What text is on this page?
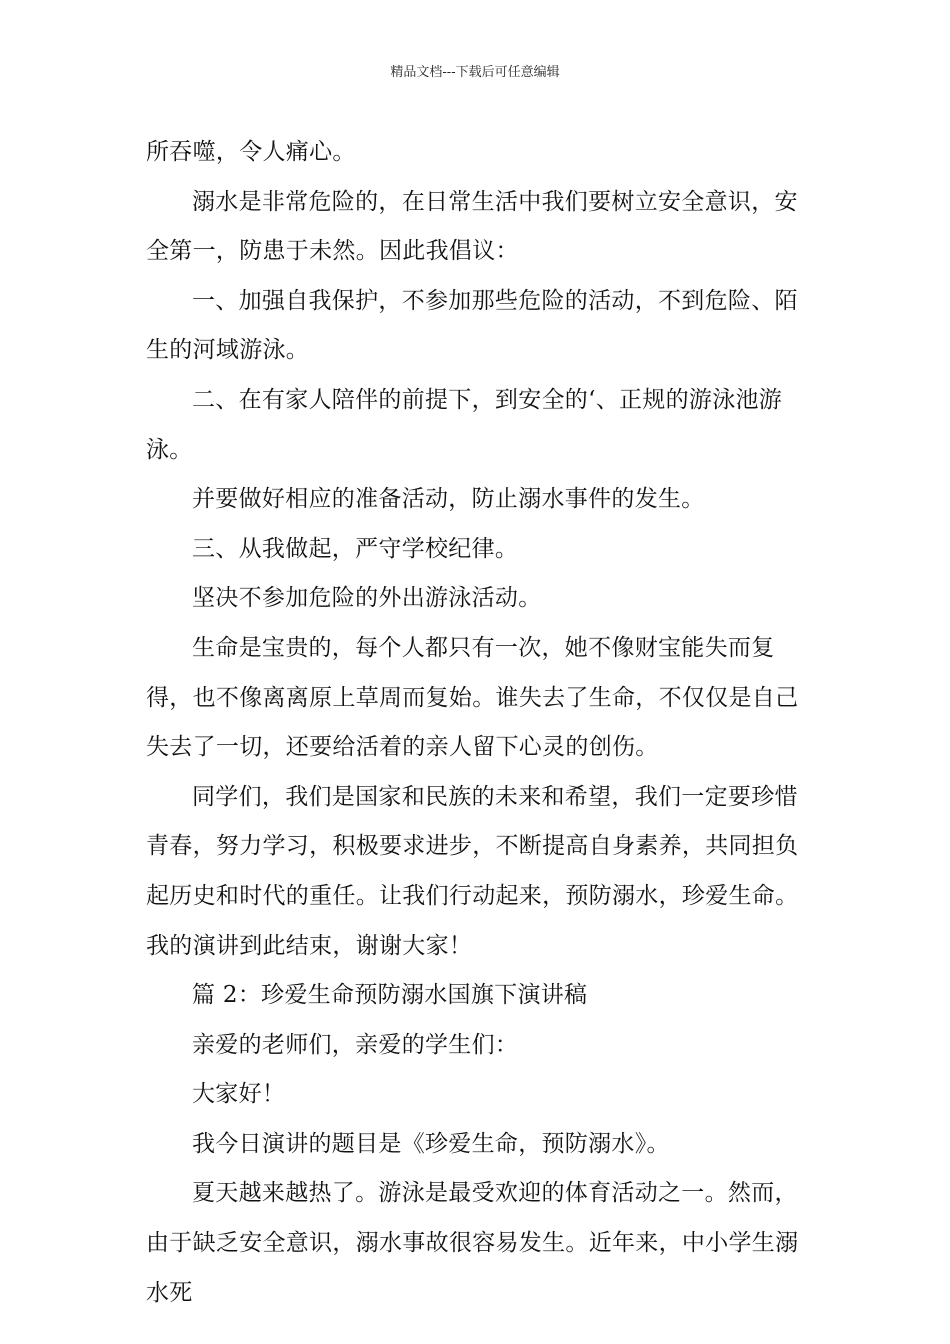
精品文档---下载后可任意编辑

所吞噬，令人痛心。

溺水是非常危险的，在日常生活中我们要树立安全意识，安全第一，防患于未然。因此我倡议：

一、加强自我保护，不参加那些危险的活动，不到危险、陌生的河域游泳。

二、在有家人陪伴的前提下，到安全的‘、正规的游泳池游泳。

并要做好相应的准备活动，防止溺水事件的发生。

三、从我做起，严守学校纪律。

坚决不参加危险的外出游泳活动。

生命是宝贵的，每个人都只有一次，她不像财宝能失而复得，也不像离离原上草周而复始。谁失去了生命，不仅仅是自己失去了一切，还要给活着的亲人留下心灵的创伤。

同学们，我们是国家和民族的未来和希望，我们一定要珍惜青春，努力学习，积极要求进步，不断提高自身素养，共同担负起历史和时代的重任。让我们行动起来，预防溺水，珍爱生命。我的演讲到此结束，谢谢大家！

篇 2：珍爱生命预防溺水国旗下演讲稿

亲爱的老师们，亲爱的学生们：

大家好！

我今日演讲的题目是《珍爱生命，预防溺水》。

夏天越来越热了。游泳是最受欢迎的体育活动之一。然而，由于缺乏安全意识，溺水事故很容易发生。近年来，中小学生溺水死
